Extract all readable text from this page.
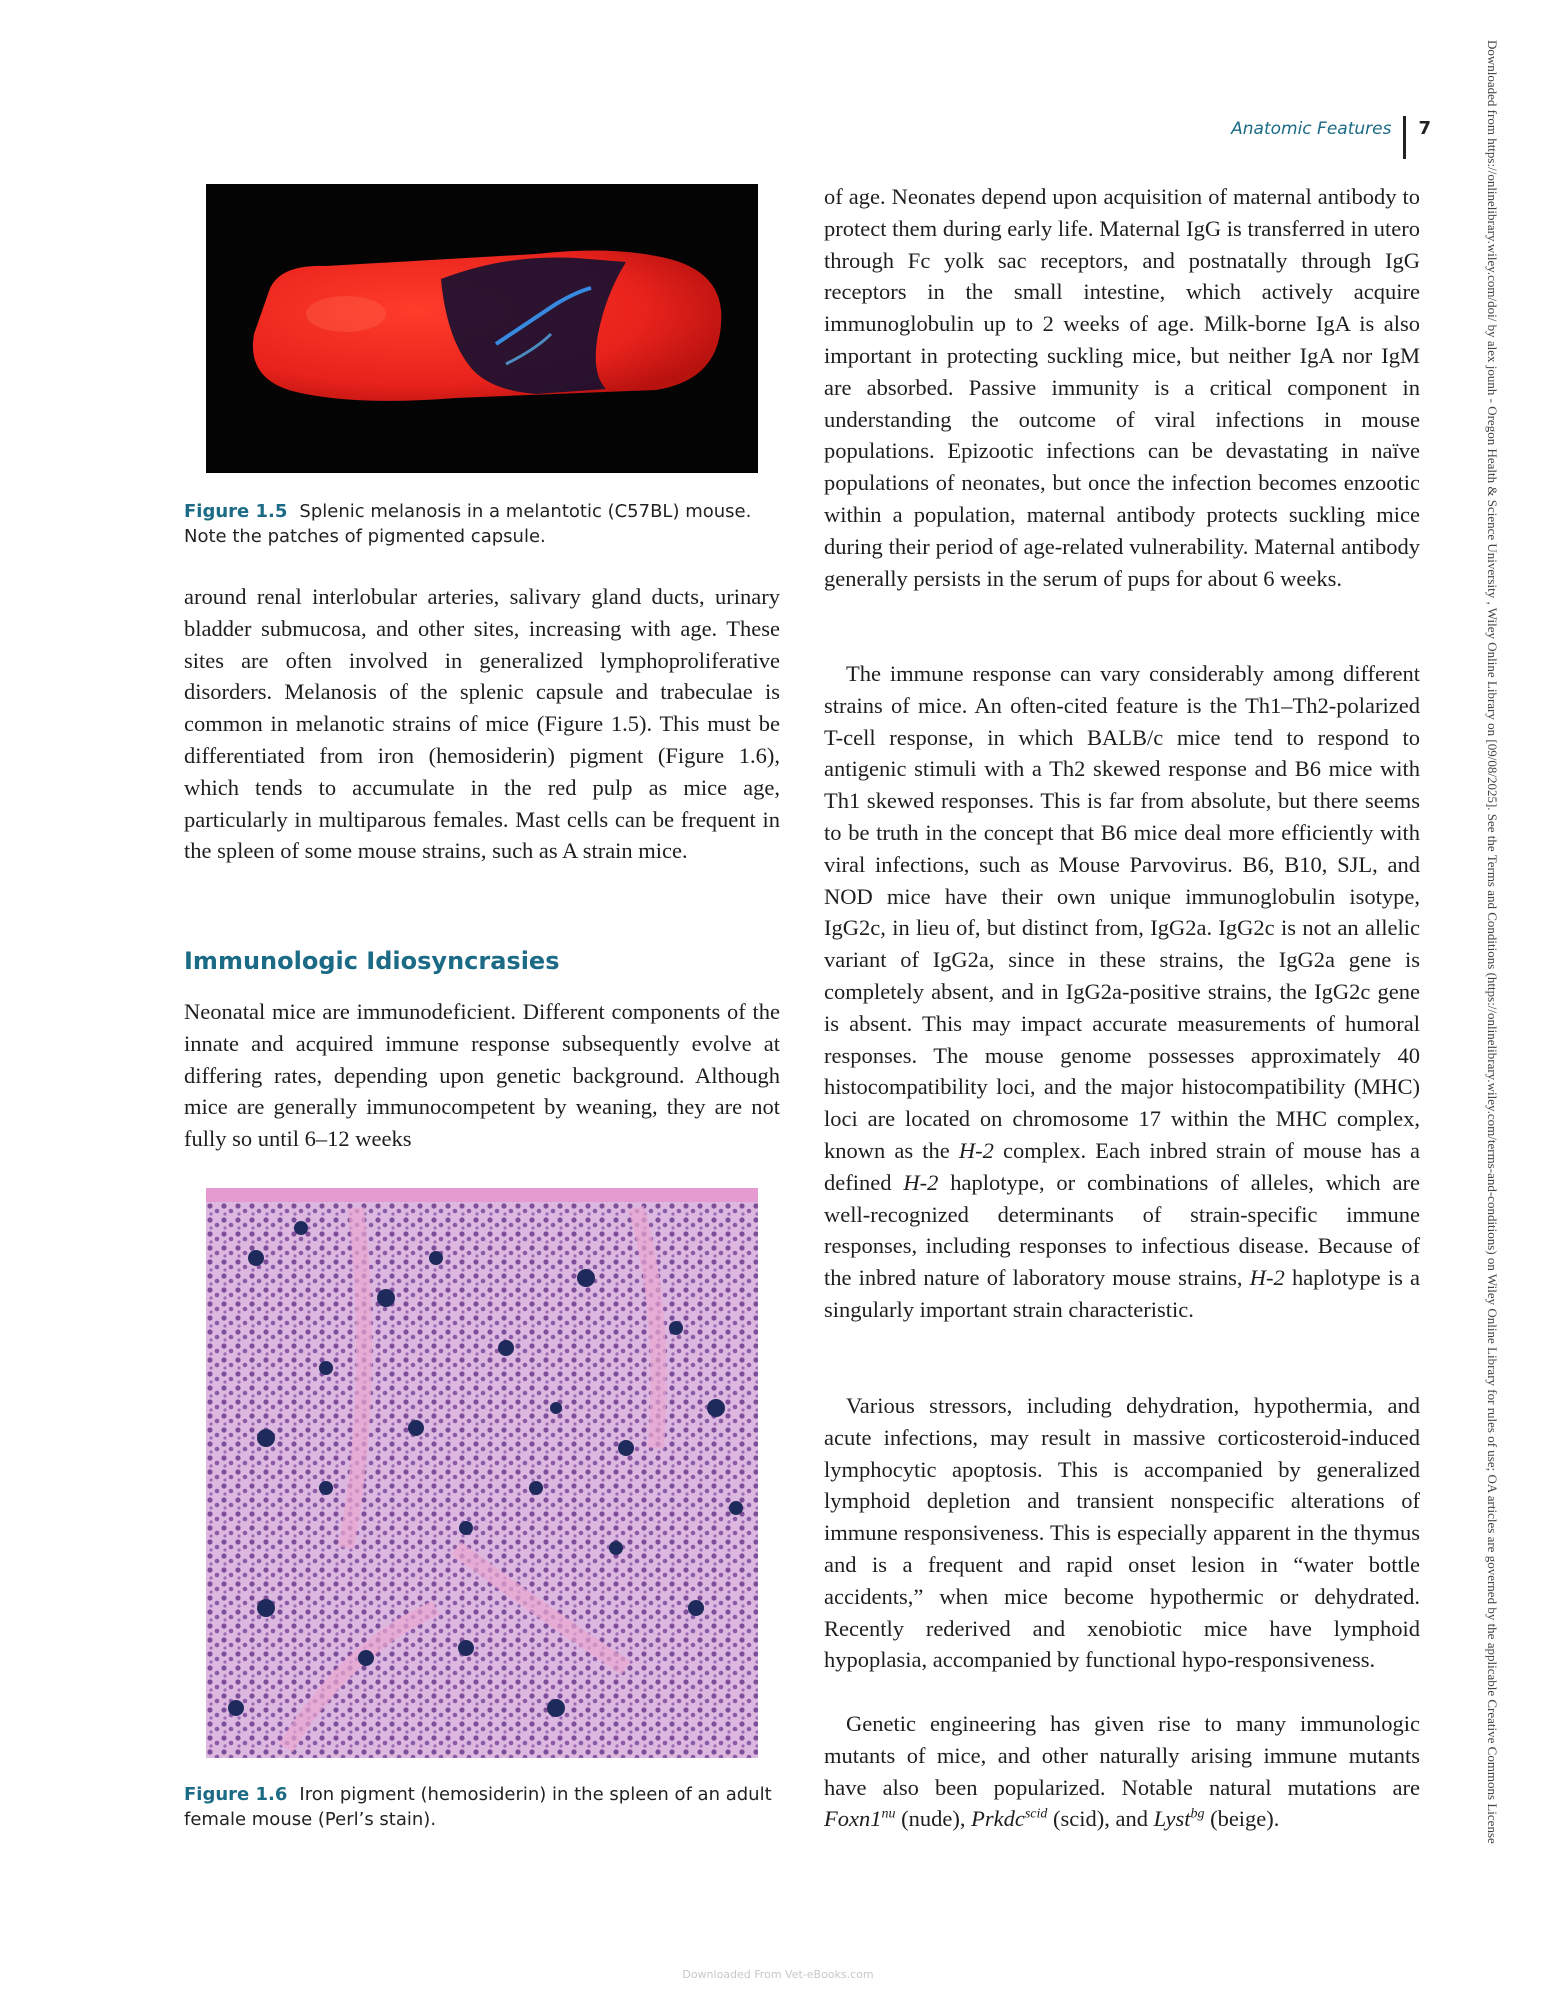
Anatomic Features 7
Figure 1.5 Splenic melanosis in a melantotic (C57BL) mouse. Note the patches of pigmented capsule.
around renal interlobular arteries, salivary gland ducts, urinary bladder submucosa, and other sites, increasing with age. These sites are often involved in generalized lymphoproliferative disorders. Melanosis of the splenic capsule and trabeculae is common in melanotic strains of mice (Figure 1.5). This must be differentiated from iron (hemosiderin) pigment (Figure 1.6), which tends to accumulate in the red pulp as mice age, particularly in multiparous females. Mast cells can be frequent in the spleen of some mouse strains, such as A strain mice.
Immunologic Idiosyncrasies
Neonatal mice are immunodeficient. Different components of the innate and acquired immune response subsequently evolve at differing rates, depending upon genetic background. Although mice are generally immunocompetent by weaning, they are not fully so until 6–12 weeks
Figure 1.6 Iron pigment (hemosiderin) in the spleen of an adult female mouse (Perl’s stain).
of age. Neonates depend upon acquisition of maternal antibody to protect them during early life. Maternal IgG is transferred in utero through Fc yolk sac receptors, and postnatally through IgG receptors in the small intestine, which actively acquire immunoglobulin up to 2 weeks of age. Milk-borne IgA is also important in protecting suckling mice, but neither IgA nor IgM are absorbed. Passive immunity is a critical component in understanding the outcome of viral infections in mouse populations. Epizootic infections can be devastating in naïve populations of neonates, but once the infection becomes enzootic within a population, maternal antibody protects suckling mice during their period of age-related vulnerability. Maternal antibody generally persists in the serum of pups for about 6 weeks.
The immune response can vary considerably among different strains of mice. An often-cited feature is the Th1–Th2-polarized T-cell response, in which BALB/c mice tend to respond to antigenic stimuli with a Th2 skewed response and B6 mice with Th1 skewed responses. This is far from absolute, but there seems to be truth in the concept that B6 mice deal more efficiently with viral infections, such as Mouse Parvovirus. B6, B10, SJL, and NOD mice have their own unique immunoglobulin isotype, IgG2c, in lieu of, but distinct from, IgG2a. IgG2c is not an allelic variant of IgG2a, since in these strains, the IgG2a gene is completely absent, and in IgG2a-positive strains, the IgG2c gene is absent. This may impact accurate measurements of humoral responses. The mouse genome possesses approximately 40 histocompatibility loci, and the major histocompatibility (MHC) loci are located on chromosome 17 within the MHC complex, known as the H-2 complex. Each inbred strain of mouse has a defined H-2 haplotype, or combinations of alleles, which are well-recognized determinants of strain-specific immune responses, including responses to infectious disease. Because of the inbred nature of laboratory mouse strains, H-2 haplotype is a singularly important strain characteristic.
Various stressors, including dehydration, hypothermia, and acute infections, may result in massive corticosteroid-induced lymphocytic apoptosis. This is accompanied by generalized lymphoid depletion and transient nonspecific alterations of immune responsiveness. This is especially apparent in the thymus and is a frequent and rapid onset lesion in “water bottle accidents,” when mice become hypothermic or dehydrated. Recently rederived and xenobiotic mice have lymphoid hypoplasia, accompanied by functional hypo-responsiveness.
Genetic engineering has given rise to many immunologic mutants of mice, and other naturally arising immune mutants have also been popularized. Notable natural mutations are $Foxn1^{nu}$ (nude), Prkdc$^{scid}$ (scid), and Lyst$^{bg}$ (beige).	Downloaded from https://onlinelibrary.wiley.com/doi/ by alex jounh - Oregon Health & Science University , Wiley Online Library on [09/08/2025]. See the Terms and Conditions (https://onlinelibrary.wiley.com/terms-and-conditions) on Wiley Online Library for rules of use; OA articles are governed by the applicable Creative Commons License
Downloaded From Vet-eBooks.com
